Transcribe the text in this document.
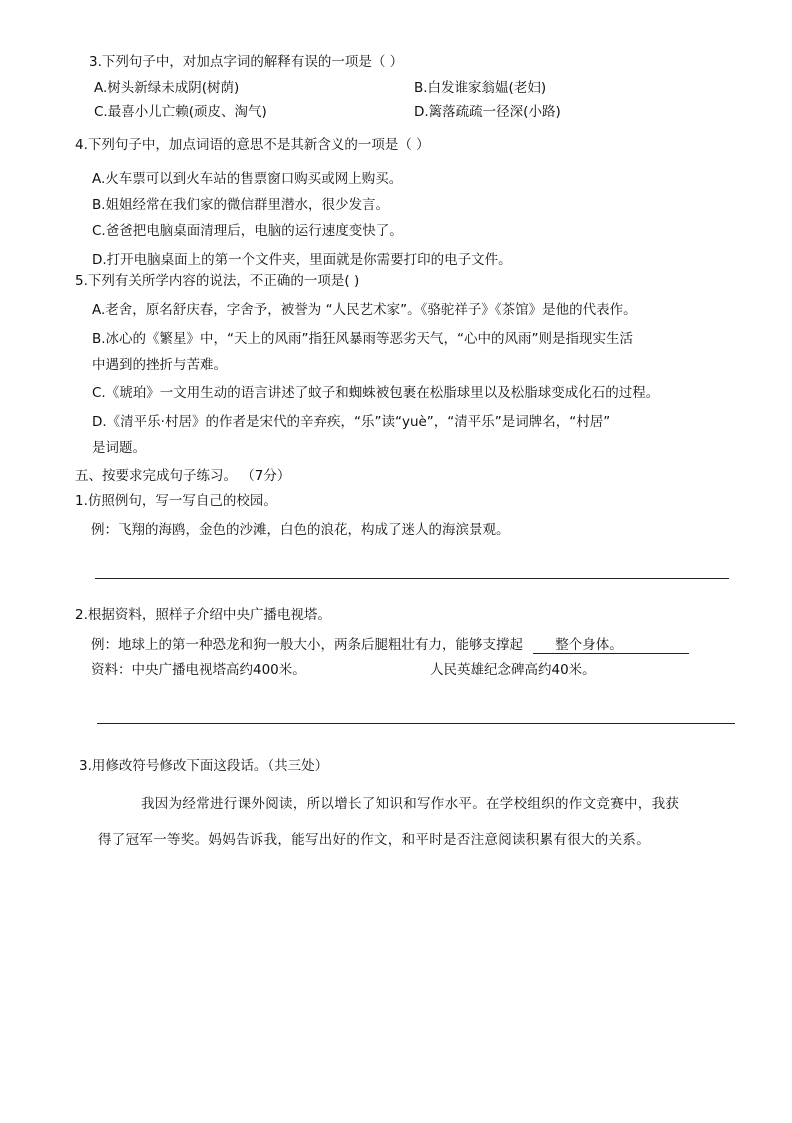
3.下列句子中，对加点字词的解释有误的一项是（ ）
A.树头新绿未成阴(树荫)	B.白发谁家翁媪(老妇)
C.最喜小儿亡赖(顽皮、淘气)	D.篱落疏疏一径深(小路)
4.下列句子中，加点词语的意思不是其新含义的一项是（ ）
A.火车票可以到火车站的售票窗口购买或网上购买。
B.姐姐经常在我们家的微信群里潜水，很少发言。
C.爸爸把电脑桌面清理后，电脑的运行速度变快了。
D.打开电脑桌面上的第一个文件夹，里面就是你需要打印的电子文件。
5.下列有关所学内容的说法，不正确的一项是( )
A.老舍，原名舒庆春，字舍予，被誉为 “人民艺术家”。《骆驼祥子》《茶馆》是他的代表作。
B.冰心的《繁星》中，“天上的风雨”指狂风暴雨等恶劣天气，“心中的风雨”则是指现实生活
中遇到的挫折与苦难。
C.《琥珀》一文用生动的语言讲述了蚊子和蜘蛛被包裹在松脂球里以及松脂球变成化石的过程。
D.《清平乐·村居》的作者是宋代的辛弃疾，“乐”读“yuè”，“清平乐”是词牌名，“村居”
是词题。
五、按要求完成句子练习。 （7分）
1.仿照例句，写一写自己的校园。
例：飞翔的海鸥，金色的沙滩，白色的浪花，构成了迷人的海滨景观。
2.根据资料，照样子介绍中央广播电视塔。
例：地球上的第一种恐龙和狗一般大小，两条后腿粗壮有力，能够支撑起 整个身体。
资料：中央广播电视塔高约400米。	人民英雄纪念碑高约40米。
3.用修改符号修改下面这段话。（共三处）
我因为经常进行课外阅读，所以增长了知识和写作水平。在学校组织的作文竞赛中，我获
得了冠军一等奖。妈妈告诉我，能写出好的作文，和平时是否注意阅读积累有很大的关系。
